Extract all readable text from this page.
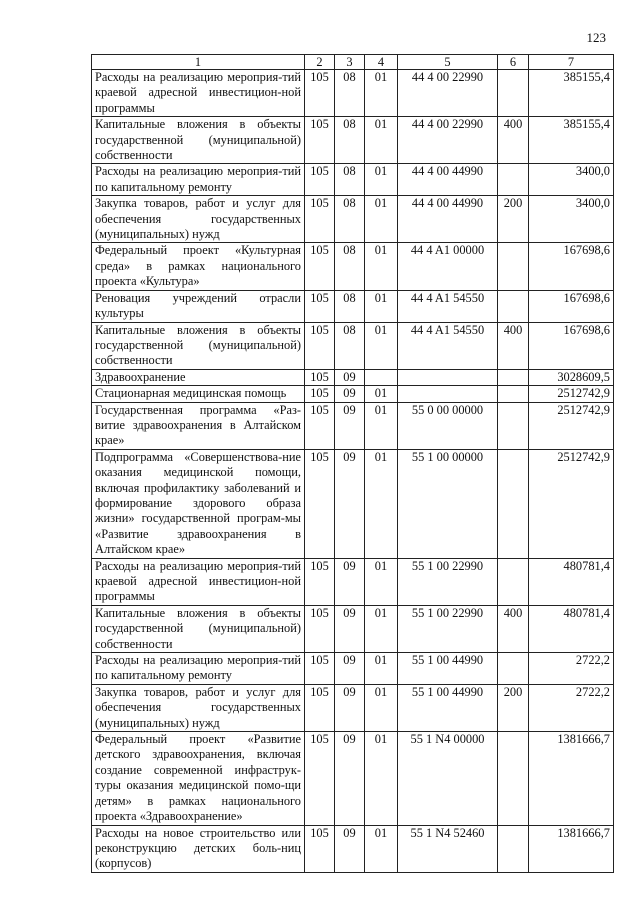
123
1	2	3	4	5	6	7
Расходы на реализацию мероприя-тий краевой адресной инвестицион-ной программы	105	08	01	44 4 00 22990		385155,4
Капитальные вложения в объекты государственной (муниципальной) собственности	105	08	01	44 4 00 22990	400	385155,4
Расходы на реализацию мероприя-тий по капитальному ремонту	105	08	01	44 4 00 44990		3400,0
Закупка товаров, работ и услуг для обеспечения государственных (муниципальных) нужд	105	08	01	44 4 00 44990	200	3400,0
Федеральный проект «Культурная среда» в рамках национального проекта «Культура»	105	08	01	44 4 A1 00000		167698,6
Реновация учреждений отрасли культуры	105	08	01	44 4 A1 54550		167698,6
Капитальные вложения в объекты государственной (муниципальной) собственности	105	08	01	44 4 A1 54550	400	167698,6
Здравоохранение	105	09				3028609,5
Стационарная медицинская помощь	105	09	01			2512742,9
Государственная программа «Раз-витие здравоохранения в Алтайском крае»	105	09	01	55 0 00 00000		2512742,9
Подпрограмма «Совершенствова-ние оказания медицинской помощи, включая профилактику заболеваний и формирование здорового образа жизни» государственной програм-мы «Развитие здравоохранения в Алтайском крае»	105	09	01	55 1 00 00000		2512742,9
Расходы на реализацию мероприя-тий краевой адресной инвестицион-ной программы	105	09	01	55 1 00 22990		480781,4
Капитальные вложения в объекты государственной (муниципальной) собственности	105	09	01	55 1 00 22990	400	480781,4
Расходы на реализацию мероприя-тий по капитальному ремонту	105	09	01	55 1 00 44990		2722,2
Закупка товаров, работ и услуг для обеспечения государственных (муниципальных) нужд	105	09	01	55 1 00 44990	200	2722,2
Федеральный проект «Развитие детского здравоохранения, включая создание современной инфраструк-туры оказания медицинской помо-щи детям» в рамках национального проекта «Здравоохранение»	105	09	01	55 1 N4 00000		1381666,7
Расходы на новое строительство или реконструкцию детских боль-ниц (корпусов)	105	09	01	55 1 N4 52460		1381666,7
